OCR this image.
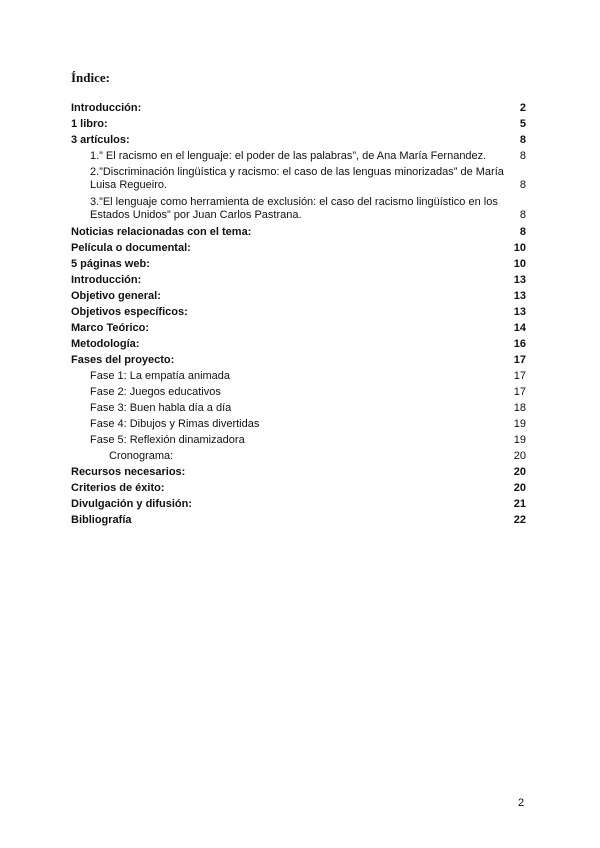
Índice:
Introducción:	2
1 libro:	5
3 artículos:	8
1.” El racismo en el lenguaje: el poder de las palabras”, de Ana María Fernandez.	8
2.”Discriminación lingüística y racismo: el caso de las lenguas minorizadas” de María Luisa Regueiro.	8
3.”El lenguaje como herramienta de exclusión: el caso del racismo lingüístico en los Estados Unidos” por Juan Carlos Pastrana.	8
Noticias relacionadas con el tema:	8
Película o documental:	10
5 páginas web:	10
Introducción:	13
Objetivo general:	13
Objetivos específicos:	13
Marco Teórico:	14
Metodología:	16
Fases del proyecto:	17
Fase 1: La empatía animada	17
Fase 2: Juegos educativos	17
Fase 3: Buen habla día a día	18
Fase 4: Dibujos y Rimas divertidas	19
Fase 5: Reflexión dinamizadora	19
Cronograma:	20
Recursos necesarios:	20
Criterios de éxito:	20
Divulgación y difusión:	21
Bibliografía	22
2
